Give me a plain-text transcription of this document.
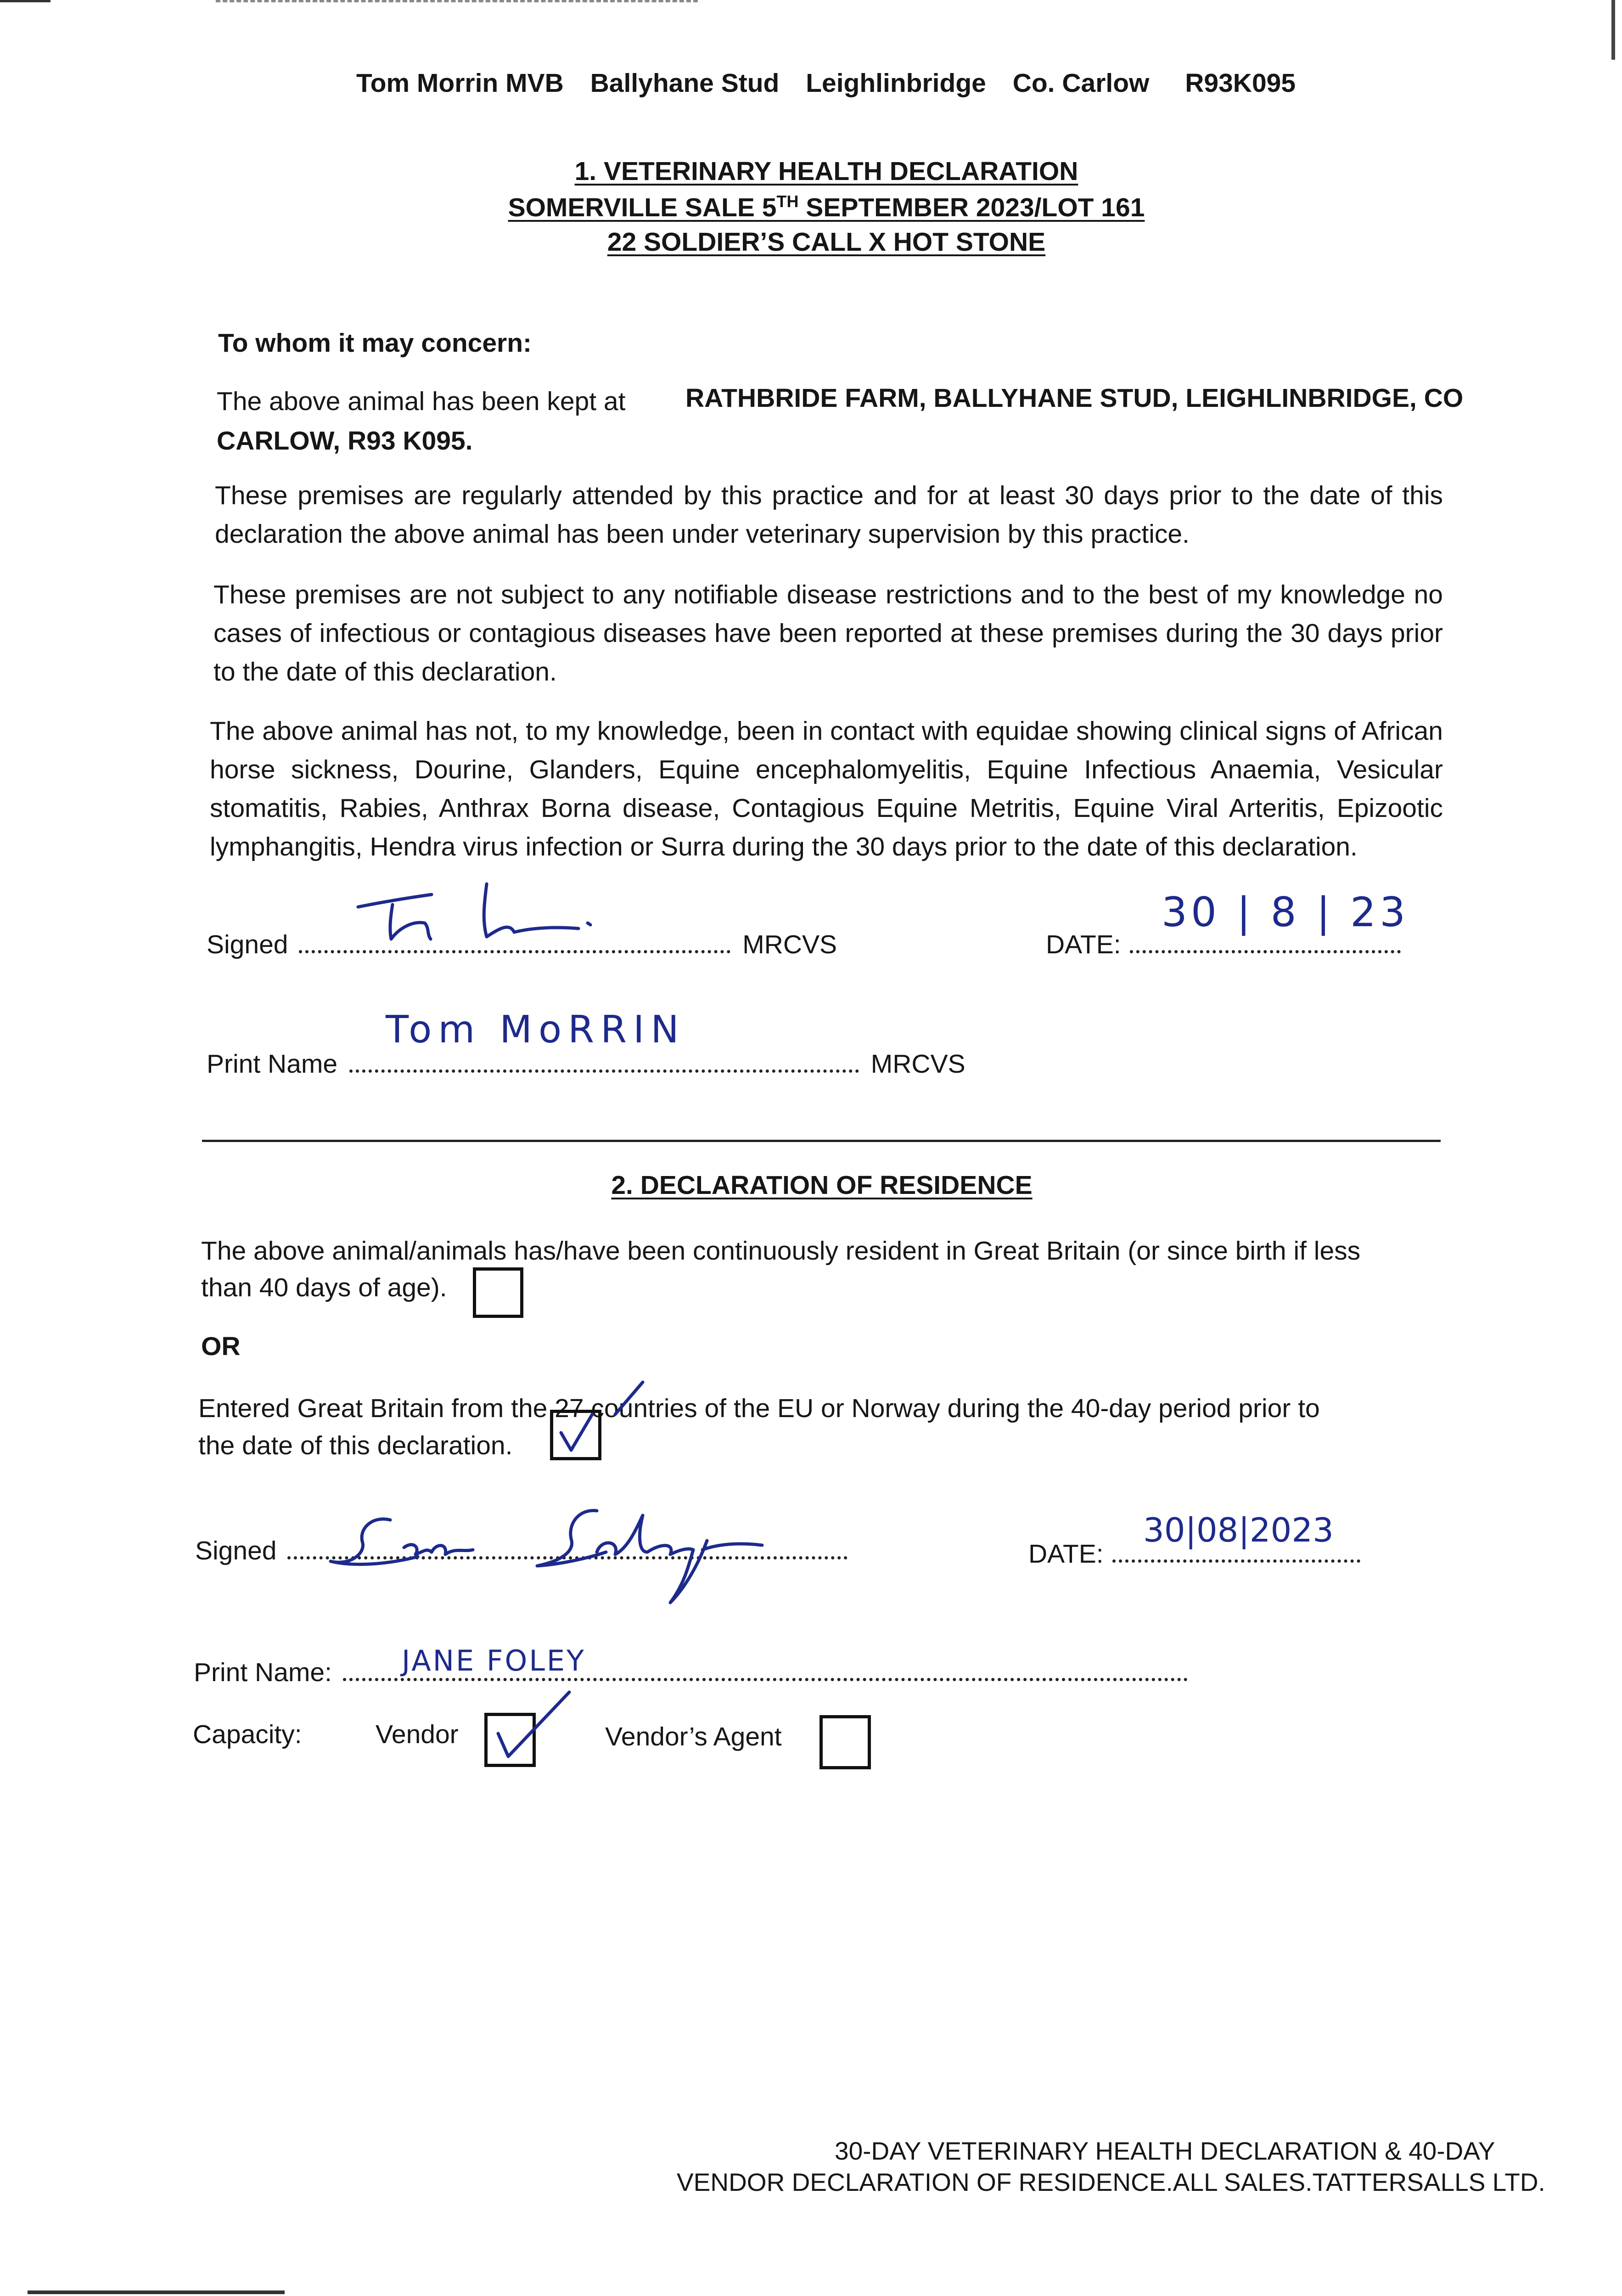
Tom Morrin MVB Ballyhane Stud Leighlinbridge Co. Carlow R93K095
1. VETERINARY HEALTH DECLARATION
SOMERVILLE SALE 5TH SEPTEMBER 2023/LOT 161
22 SOLDIER’S CALL X HOT STONE
To whom it may concern:
The above animal has been kept at RATHBRIDE FARM, BALLYHANE STUD, LEIGHLINBRIDGE, CO
CARLOW, R93 K095.

These premises are regularly attended by this practice and for at least 30 days prior to the date of this declaration the above animal has been under veterinary supervision by this practice.

These premises are not subject to any notifiable disease restrictions and to the best of my knowledge no cases of infectious or contagious diseases have been reported at these premises during the 30 days prior to the date of this declaration.

The above animal has not, to my knowledge, been in contact with equidae showing clinical signs of African horse sickness, Dourine, Glanders, Equine encephalomyelitis, Equine Infectious Anaemia, Vesicular stomatitis, Rabies, Anthrax Borna disease, Contagious Equine Metritis, Equine Viral Arteritis, Epizootic lymphangitis, Hendra virus infection or Surra during the 30 days prior to the date of this declaration.

Signed	MRCVS	DATE:
30 | 8 | 23
Print Name	MRCVS
Tom MoRRIN
2. DECLARATION OF RESIDENCE
The above animal/animals has/have been continuously resident in Great Britain (or since birth if less
than 40 days of age).
OR
Entered Great Britain from the 27 countries of the EU or Norway during the 40-day period prior to
the date of this declaration.
Signed	DATE:
30|08|2023
Print Name:	JANE FOLEY
Capacity:	Vendor	Vendor’s Agent
30-DAY VETERINARY HEALTH DECLARATION & 40-DAY
VENDOR DECLARATION OF RESIDENCE.ALL SALES.TATTERSALLS LTD.
